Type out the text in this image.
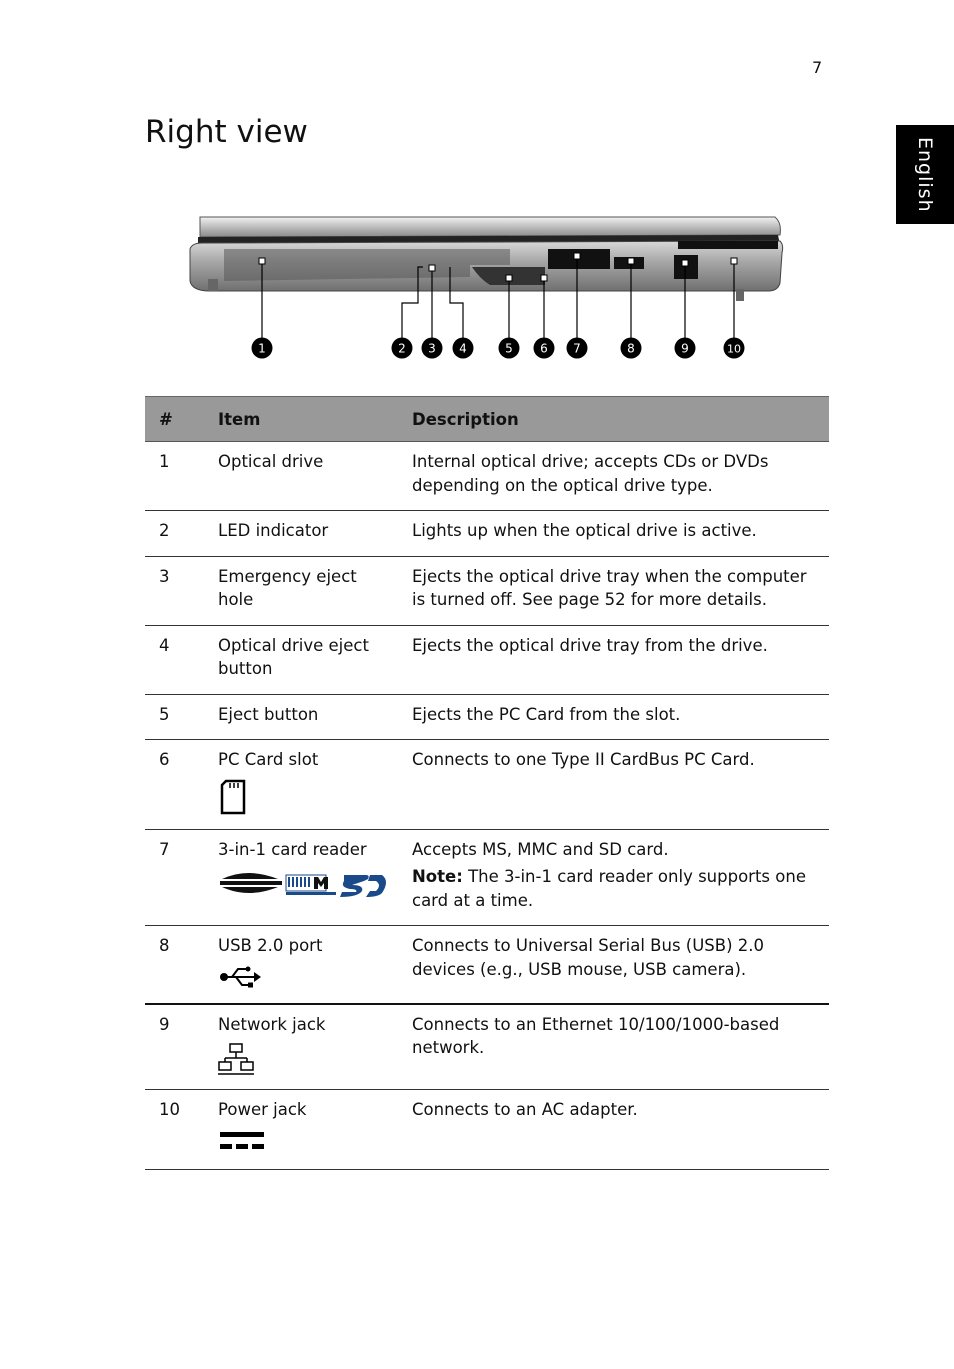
7
English
Right view
1	2 3 4	5 6 7	8	9	10
#	Item	Description
1	Optical drive	Internal optical drive; accepts CDs or DVDs depending on the optical drive type.
2	LED indicator	Lights up when the optical drive is active.
3	Emergency eject hole	Ejects the optical drive tray when the computer is turned off. See page 52 for more details.
4	Optical drive eject button	Ejects the optical drive tray from the drive.
5	Eject button	Ejects the PC Card from the slot.
6	PC Card slot	Connects to one Type II CardBus PC Card.
7	3-in-1 card reader	Accepts MS, MMC and SD card.
Note: The 3-in-1 card reader only supports one card at a time.

8	USB 2.0 port	Connects to Universal Serial Bus (USB) 2.0 devices (e.g., USB mouse, USB camera).
9	Network jack	Connects to an Ethernet 10/100/1000-based network.
10	Power jack	Connects to an AC adapter.
